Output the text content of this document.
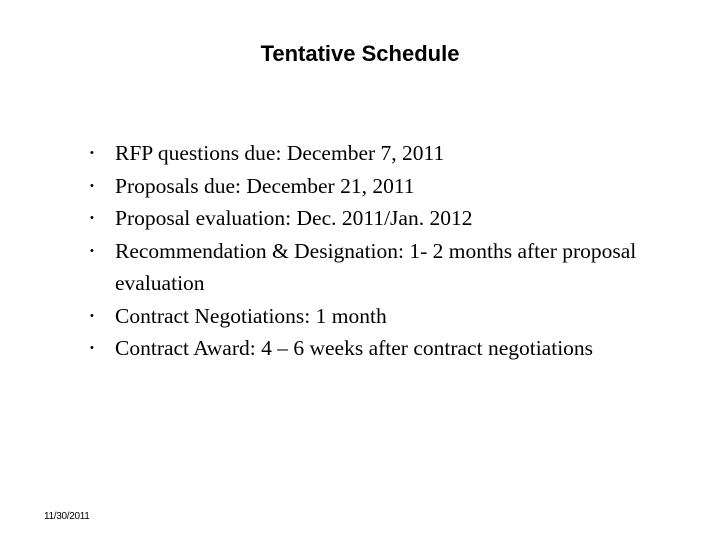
Tentative Schedule
• RFP questions due: December 7, 2011
• Proposals due: December 21, 2011
• Proposal evaluation: Dec. 2011/Jan. 2012
• Recommendation & Designation: 1- 2 months after proposal evaluation
• Contract Negotiations: 1 month
• Contract Award: 4 – 6 weeks after contract negotiations
11/30/2011
